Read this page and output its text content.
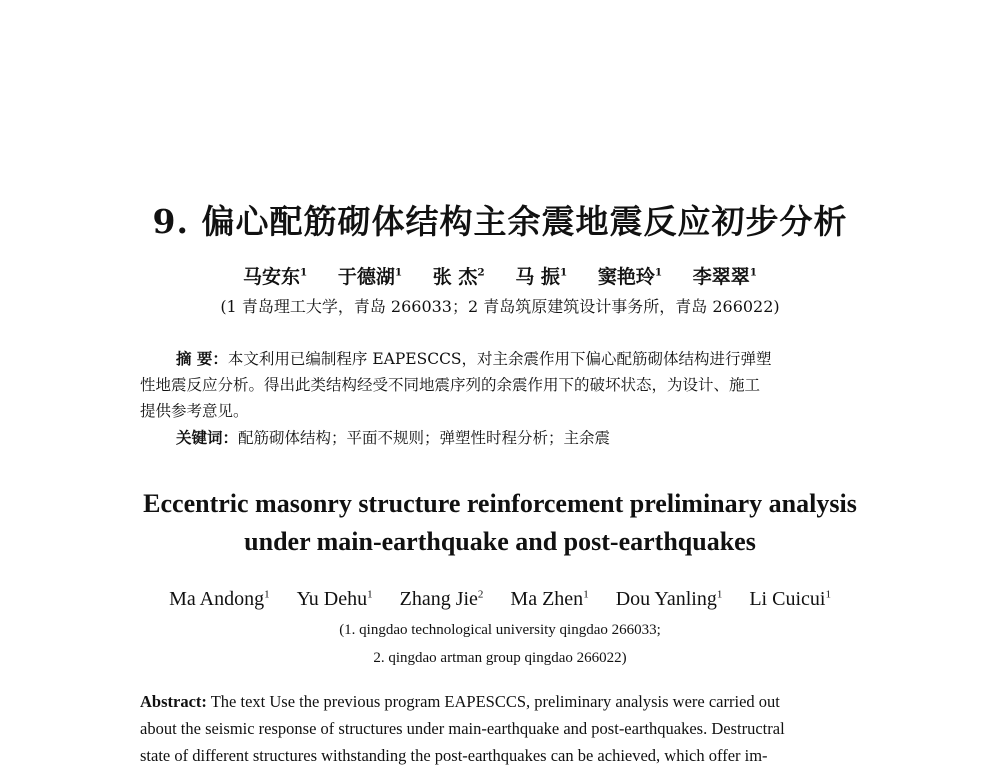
9. 偏心配筋砌体结构主余震地震反应初步分析
马安东$^1$ 于德湖$^1$ 张 杰$^2$ 马 振$^1$ 窦艳玲$^1$ 李翠翠$^1$
(1 青岛理工大学，青岛 266033；2 青岛筑原建筑设计事务所，青岛 266022)
摘 要：本文利用已编制程序 EAPESCCS，对主余震作用下偏心配筋砌体结构进行弹塑
性地震反应分析。得出此类结构经受不同地震序列的余震作用下的破坏状态，为设计、施工
提供参考意见。
关键词：配筋砌体结构；平面不规则；弹塑性时程分析；主余震
Eccentric masonry structure reinforcement preliminary analysis
under main-earthquake and post-earthquakes
Ma Andong$^1$ Yu Dehu$^1$ Zhang Jie$^2$ Ma Zhen$^1$ Dou Yanling$^1$ Li Cuicui$^1$
(1. qingdao technological university qingdao 266033;
2. qingdao artman group qingdao 266022)
Abstract: The text Use the previous program EAPESCCS, preliminary analysis were carried out
about the seismic response of structures under main-earthquake and post-earthquakes. Destructral
state of different structures withstanding the post-earthquakes can be achieved, which offer im-
